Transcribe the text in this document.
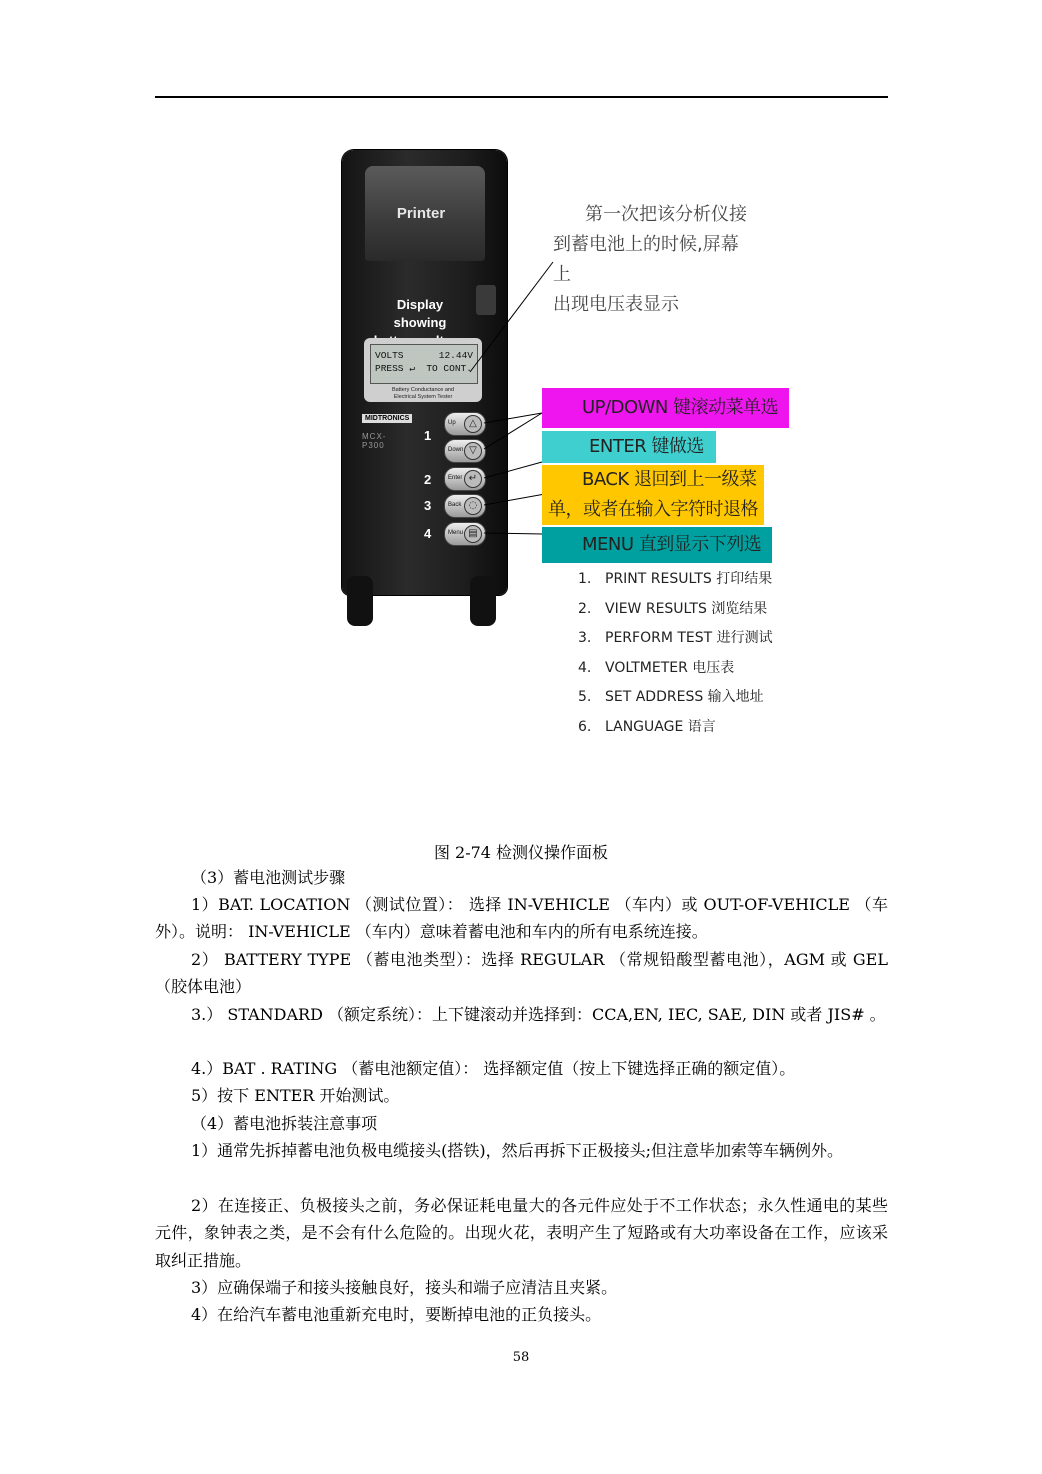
Printer
Display showing
VOLTS	12.44V
PRESS ↵  TO CONT.
Battery Conductance and
Electrical System Tester
MIDTRONICS
MCX-P300
1
Up	△
Down ▽
2	Enter ↵
3	Back ◌
4	Menu ▤
第一次把该分析仪接
到蓄电池上的时候,屏幕上
出现电压表显示
UP/DOWN 键滚动菜单选
ENTER 键做选
BACK 退回到上一级菜
单，或者在输入字符时退格
MENU 直到显示下列选
1. PRINT RESULTS 打印结果
2. VIEW RESULTS 浏览结果
3. PERFORM TEST 进行测试
4. VOLTMETER 电压表
5. SET ADDRESS 输入地址
6. LANGUAGE 语言
图 2-74 检测仪操作面板
（3）蓄电池测试步骤
1）BAT. LOCATION （测试位置）： 选择 IN-VEHICLE （车内）或 OUT-OF-VEHICLE （车外）。说明： IN-VEHICLE （车内）意味着蓄电池和车内的所有电系统连接。
2） BATTERY TYPE （蓄电池类型）：选择 REGULAR （常规铅酸型蓄电池），AGM 或 GEL（胶体电池）
3.） STANDARD （额定系统）：上下键滚动并选择到：CCA,EN, IEC, SAE, DIN 或者 JIS# 。
4.）BAT . RATING （蓄电池额定值）： 选择额定值（按上下键选择正确的额定值）。
5）按下 ENTER 开始测试。
（4）蓄电池拆装注意事项
1）通常先拆掉蓄电池负极电缆接头(搭铁)，然后再拆下正极接头;但注意毕加索等车辆例外。
2）在连接正、负极接头之前，务必保证耗电量大的各元件应处于不工作状态；永久性通电的某些元件，象钟表之类，是不会有什么危险的。出现火花，表明产生了短路或有大功率设备在工作，应该采取纠正措施。
3）应确保端子和接头接触良好，接头和端子应清洁且夹紧。
4）在给汽车蓄电池重新充电时，要断掉电池的正负接头。
58
